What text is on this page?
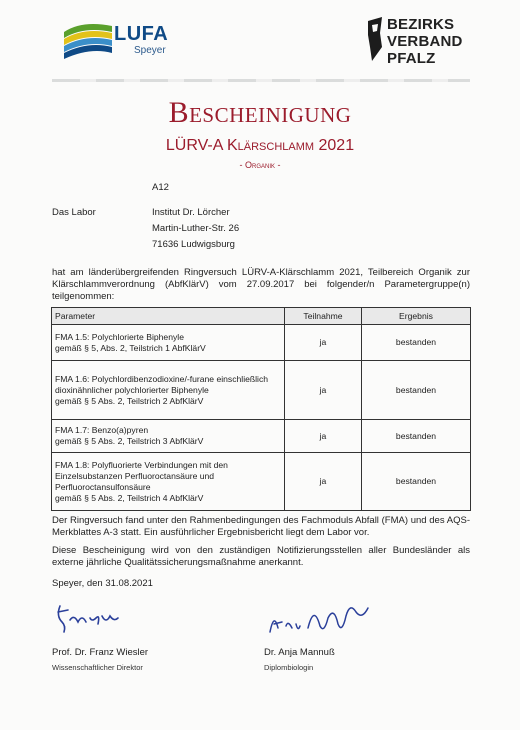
LUFA
Speyer
BEZIRKS
VERBAND
PFALZ
Bescheinigung
LÜRV-A Klärschlamm 2021
- Organik -
A12
Das Labor	Institut Dr. Lörcher
Martin-Luther-Str. 26
71636 Ludwigsburg
hat am länderübergreifenden Ringversuch LÜRV-A-Klärschlamm 2021, Teilbereich Organik zur Klärschlammverordnung (AbfKlärV) vom 27.09.2017 bei folgender/n Parametergruppe(n) teilgenommen:
Parameter	Teilnahme	Ergebnis

FMA 1.5: Polychlorierte Biphenyle
gemäß § 5, Abs. 2, Teilstrich 1 AbfKlärV	ja	bestanden

FMA 1.6: Polychlordibenzodioxine/-furane einschließlich dioxinähnlicher polychlorierter Biphenyle
gemäß § 5 Abs. 2, Teilstrich 2 AbfKlärV	ja	bestanden

FMA 1.7: Benzo(a)pyren
gemäß § 5 Abs. 2, Teilstrich 3 AbfKlärV	ja	bestanden

FMA 1.8: Polyfluorierte Verbindungen mit den Einzelsubstanzen Perfluoroctansäure und Perfluoroctansulfonsäure
gemäß § 5 Abs. 2, Teilstrich 4 AbfKlärV	ja	bestanden
Der Ringversuch fand unter den Rahmenbedingungen des Fachmoduls Abfall (FMA) und des AQS-Merkblattes A-3 statt. Ein ausführlicher Ergebnisbericht liegt dem Labor vor.
Diese Bescheinigung wird von den zuständigen Notifizierungsstellen aller Bundesländer als externe jährliche Qualitätssicherungsmaßnahme anerkannt.
Speyer, den 31.08.2021
Prof. Dr. Franz Wiesler
Wissenschaftlicher Direktor
Dr. Anja Mannuß
Diplombiologin
